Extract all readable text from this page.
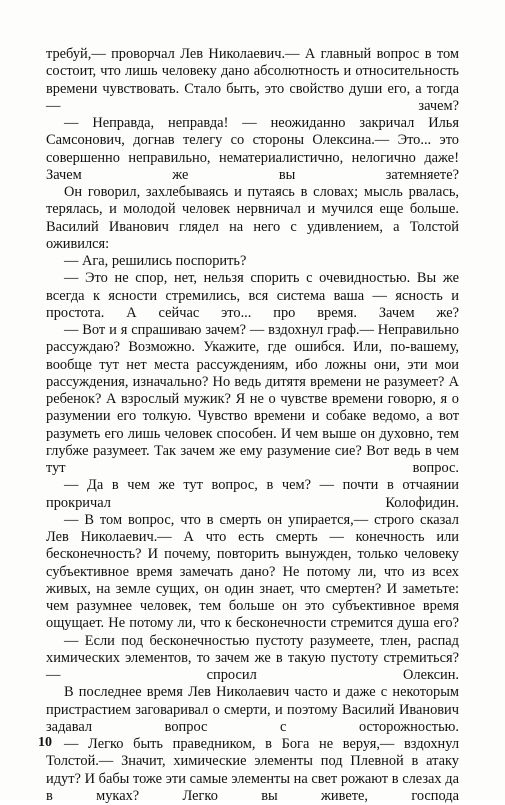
требуй,— проворчал Лев Николаевич.— А главный вопрос в том состоит, что лишь человеку дано абсолютность и относительность времени чувствовать. Стало быть, это свойство души его, а тогда — зачем?

— Неправда, неправда! — неожиданно закричал Илья Самсонович, догнав телегу со стороны Олексина.— Это... это совершенно неправильно, нематериалистично, нелогично даже! Зачем же вы затемняете?

Он говорил, захлебываясь и путаясь в словах; мысль рвалась, терялась, и молодой человек нервничал и мучился еще больше. Василий Иванович глядел на него с удивлением, а Толстой оживился:

— Ага, решились поспорить?

— Это не спор, нет, нельзя спорить с очевидностью. Вы же всегда к ясности стремились, вся система ваша — ясность и простота. А сейчас это... про время. Зачем же?

— Вот и я спрашиваю зачем? — вздохнул граф.— Неправильно рассуждаю? Возможно. Укажите, где ошибся. Или, по-вашему, вообще тут нет места рассуждениям, ибо ложны они, эти мои рассуждения, изначально? Но ведь дитятя времени не разумеет? А ребенок? А взрослый мужик? Я не о чувстве времени говорю, я о разумении его толкую. Чувство времени и собаке ведомо, а вот разуметь его лишь человек способен. И чем выше он духовно, тем глубже разумеет. Так зачем же ему разумение сие? Вот ведь в чем тут вопрос.

— Да в чем же тут вопрос, в чем? — почти в отчаянии прокричал Колофидин.

— В том вопрос, что в смерть он упирается,— строго сказал Лев Николаевич.— А что есть смерть — конечность или бесконечность? И почему, повторить вынужден, только человеку субъективное время замечать дано? Не потому ли, что из всех живых, на земле сущих, он один знает, что смертен? И заметьте: чем разумнее человек, тем больше он это субъективное время ощущает. Не потому ли, что к бесконечности стремится душа его?

— Если под бесконечностью пустоту разумеете, тлен, распад химических элементов, то зачем же в такую пустоту стремиться? — спросил Олексин.

В последнее время Лев Николаевич часто и даже с некоторым пристрастием заговаривал о смерти, и поэтому Василий Иванович задавал вопрос с осторожностью.

— Легко быть праведником, в Бога не веруя,— вздохнул Толстой.— Значит, химические элементы под Плевной в атаку идут? И бабы тоже эти самые элементы на свет рожают в слезах да в муках? Легко вы живете, господа

10
